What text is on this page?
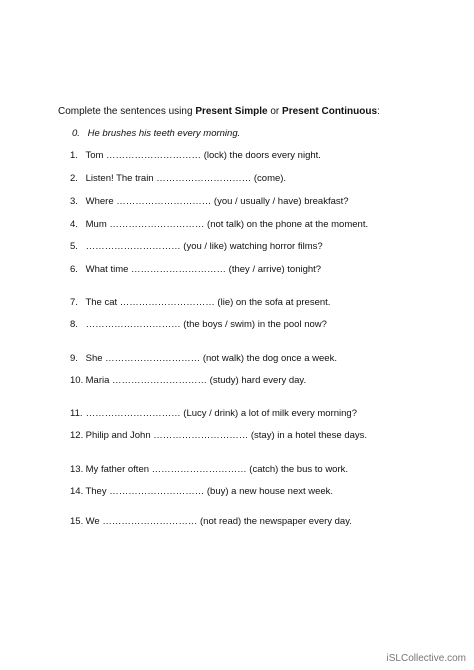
Complete the sentences using Present Simple or Present Continuous:
0. He brushes his teeth every morning.
1. Tom ………………………… (lock) the doors every night.
2. Listen! The train ………………………… (come).
3. Where ………………………… (you / usually / have) breakfast?
4. Mum ………………………… (not talk) on the phone at the moment.
5. ………………………… (you / like) watching horror films?
6. What time ………………………… (they / arrive) tonight?
7. The cat ………………………… (lie) on the sofa at present.
8. ………………………… (the boys / swim) in the pool now?
9. She ………………………… (not walk) the dog once a week.
10. Maria ………………………… (study) hard every day.
11. ………………………… (Lucy / drink) a lot of milk every morning?
12. Philip and John ………………………… (stay) in a hotel these days.
13. My father often ………………………… (catch) the bus to work.
14. They ………………………… (buy) a new house next week.
15. We ………………………… (not read) the newspaper every day.
iSLCollective.com
